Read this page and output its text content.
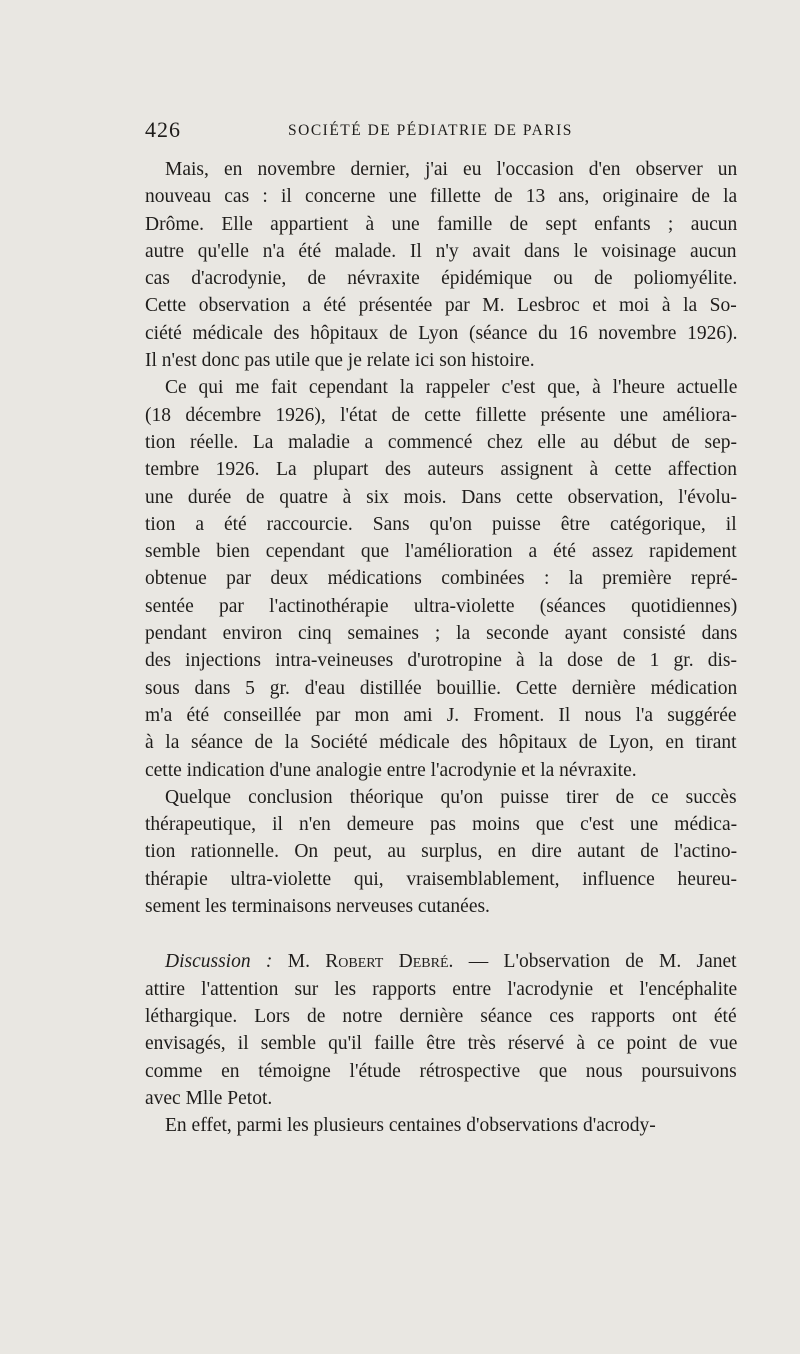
426	SOCIÉTÉ DE PÉDIATRIE DE PARIS

Mais, en novembre dernier, j'ai eu l'occasion d'en observer un
nouveau cas : il concerne une fillette de 13 ans, originaire de la
Drôme. Elle appartient à une famille de sept enfants ; aucun
autre qu'elle n'a été malade. Il n'y avait dans le voisinage aucun
cas d'acrodynie, de névraxite épidémique ou de poliomyélite.
Cette observation a été présentée par M. Lesbroc et moi à la So-
ciété médicale des hôpitaux de Lyon (séance du 16 novembre 1926).
Il n'est donc pas utile que je relate ici son histoire.

Ce qui me fait cependant la rappeler c'est que, à l'heure actuelle
(18 décembre 1926), l'état de cette fillette présente une améliora-
tion réelle. La maladie a commencé chez elle au début de sep-
tembre 1926. La plupart des auteurs assignent à cette affection
une durée de quatre à six mois. Dans cette observation, l'évolu-
tion a été raccourcie. Sans qu'on puisse être catégorique, il
semble bien cependant que l'amélioration a été assez rapidement
obtenue par deux médications combinées : la première repré-
sentée par l'actinothérapie ultra-violette (séances quotidiennes)
pendant environ cinq semaines ; la seconde ayant consisté dans
des injections intra-veineuses d'urotropine à la dose de 1 gr. dis-
sous dans 5 gr. d'eau distillée bouillie. Cette dernière médication
m'a été conseillée par mon ami J. Froment. Il nous l'a suggérée
à la séance de la Société médicale des hôpitaux de Lyon, en tirant
cette indication d'une analogie entre l'acrodynie et la névraxite.

Quelque conclusion théorique qu'on puisse tirer de ce succès
thérapeutique, il n'en demeure pas moins que c'est une médica-
tion rationnelle. On peut, au surplus, en dire autant de l'actino-
thérapie ultra-violette qui, vraisemblablement, influence heureu-
sement les terminaisons nerveuses cutanées.

Discussion : M. Robert Debré. — L'observation de M. Janet
attire l'attention sur les rapports entre l'acrodynie et l'encéphalite
léthargique. Lors de notre dernière séance ces rapports ont été
envisagés, il semble qu'il faille être très réservé à ce point de vue
comme en témoigne l'étude rétrospective que nous poursuivons
avec Mlle Petot.

En effet, parmi les plusieurs centaines d'observations d'acrody-
